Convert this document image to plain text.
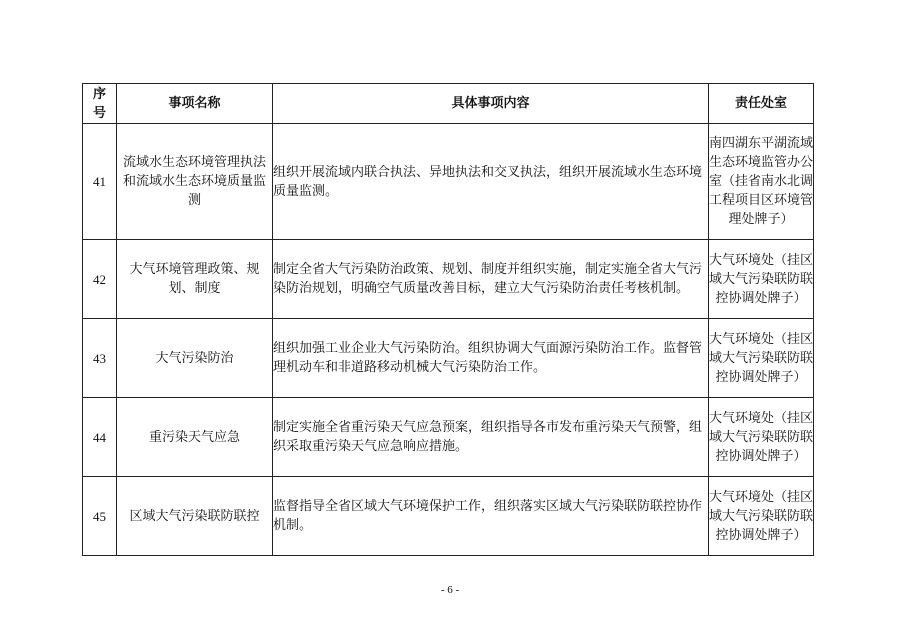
序号	事项名称	具体事项内容	责任处室
41	流域水生态环境管理执法和流域水生态环境质量监测	组织开展流域内联合执法、异地执法和交叉执法，组织开展流域水生态环境质量监测。	南四湖东平湖流域生态环境监管办公室（挂省南水北调工程项目区环境管理处牌子）
42	大气环境管理政策、规划、制度	制定全省大气污染防治政策、规划、制度并组织实施，制定实施全省大气污染防治规划，明确空气质量改善目标，建立大气污染防治责任考核机制。	大气环境处（挂区域大气污染联防联控协调处牌子）
43	大气污染防治	组织加强工业企业大气污染防治。组织协调大气面源污染防治工作。监督管理机动车和非道路移动机械大气污染防治工作。	大气环境处（挂区域大气污染联防联控协调处牌子）
44	重污染天气应急	制定实施全省重污染天气应急预案，组织指导各市发布重污染天气预警，组织采取重污染天气应急响应措施。	大气环境处（挂区域大气污染联防联控协调处牌子）
45	区域大气污染联防联控	监督指导全省区域大气环境保护工作，组织落实区域大气污染联防联控协作机制。	大气环境处（挂区域大气污染联防联控协调处牌子）
- 6 -
